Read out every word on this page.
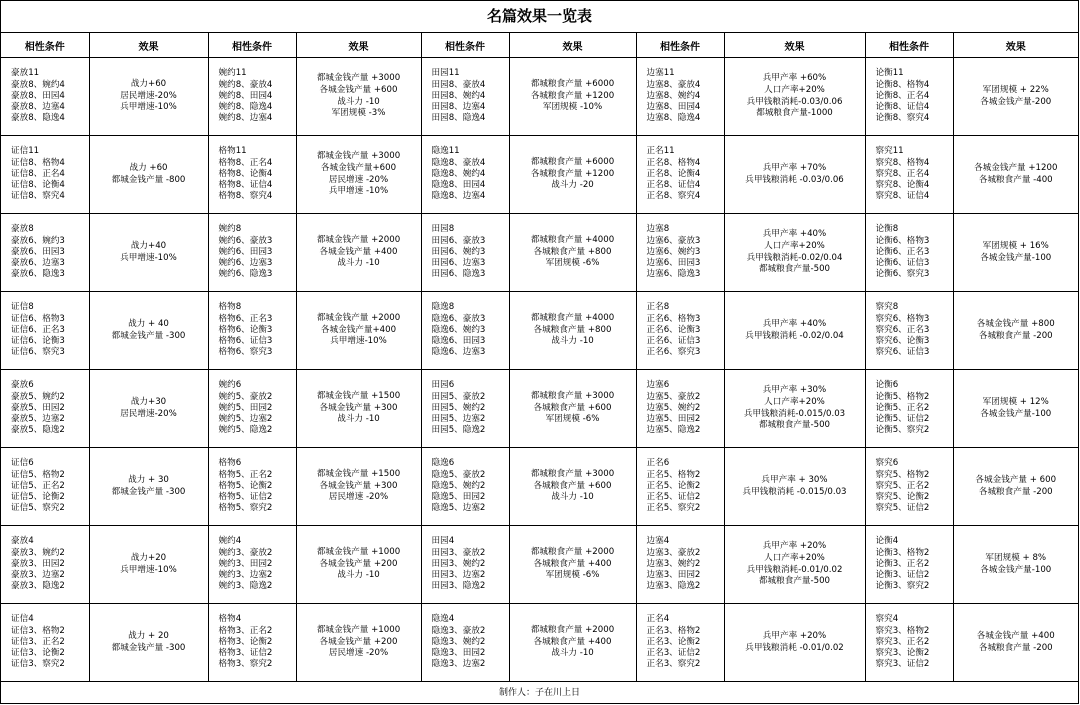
名篇效果一览表
相性条件	效果	相性条件	效果	相性条件	效果	相性条件	效果	相性条件	效果

豪放11
豪放8、婉约4
豪放8、田园4
豪放8、边塞4
豪放8、隐逸4	战力+60
居民增速-20%
兵甲增速-10%	婉约11
婉约8、豪放4
婉约8、田园4
婉约8、隐逸4
婉约8、边塞4	都城金钱产量 +3000
各城金钱产量 +600
战斗力 -10
军团规模 -3%	田园11
田园8、豪放4
田园8、婉约4
田园8、边塞4
田园8、隐逸4	都城粮食产量 +6000
各城粮食产量 +1200
军团规模 -10%	边塞11
边塞8、豪放4
边塞8、婉约4
边塞8、田园4
边塞8、隐逸4	兵甲产率 +60%
人口产率+20%
兵甲钱粮消耗-0.03/0.06
都城粮食产量-1000	论衡11
论衡8、格物4
论衡8、正名4
论衡8、证信4
论衡8、察究4	军团规模 + 22%
各城金钱产量-200

证信11
证信8、格物4
证信8、正名4
证信8、论衡4
证信8、察究4	战力 +60
都城金钱产量 -800	格物11
格物8、正名4
格物8、论衡4
格物8、证信4
格物8、察究4	都城金钱产量 +3000
各城金钱产量+600
居民增速 -20%
兵甲增速 -10%	隐逸11
隐逸8、豪放4
隐逸8、婉约4
隐逸8、田园4
隐逸8、边塞4	都城粮食产量 +6000
各城粮食产量 +1200
战斗力 -20	正名11
正名8、格物4
正名8、论衡4
正名8、证信4
正名8、察究4	兵甲产率 +70%
兵甲钱粮消耗 -0.03/0.06	察究11
察究8、格物4
察究8、正名4
察究8、论衡4
察究8、证信4	各城金钱产量 +1200
各城粮食产量 -400

豪放8
豪放6、婉约3
豪放6、田园3
豪放6、边塞3
豪放6、隐逸3	战力+40
兵甲增速-10%	婉约8
婉约6、豪放3
婉约6、田园3
婉约6、边塞3
婉约6、隐逸3	都城金钱产量 +2000
各城金钱产量 +400
战斗力 -10	田园8
田园6、豪放3
田园6、婉约3
田园6、边塞3
田园6、隐逸3	都城粮食产量 +4000
各城粮食产量 +800
军团规模 -6%	边塞8
边塞6、豪放3
边塞6、婉约3
边塞6、田园3
边塞6、隐逸3	兵甲产率 +40%
人口产率+20%
兵甲钱粮消耗-0.02/0.04
都城粮食产量-500	论衡8
论衡6、格物3
论衡6、正名3
论衡6、证信3
论衡6、察究3	军团规模 + 16%
各城金钱产量-100

证信8
证信6、格物3
证信6、正名3
证信6、论衡3
证信6、察究3	战力 + 40
都城金钱产量 -300	格物8
格物6、正名3
格物6、论衡3
格物6、证信3
格物6、察究3	都城金钱产量 +2000
各城金钱产量+400
兵甲增速-10%	隐逸8
隐逸6、豪放3
隐逸6、婉约3
隐逸6、田园3
隐逸6、边塞3	都城粮食产量 +4000
各城粮食产量 +800
战斗力 -10	正名8
正名6、格物3
正名6、论衡3
正名6、证信3
正名6、察究3	兵甲产率 +40%
兵甲钱粮消耗 -0.02/0.04	察究8
察究6、格物3
察究6、正名3
察究6、论衡3
察究6、证信3	各城金钱产量 +800
各城粮食产量 -200

豪放6
豪放5、婉约2
豪放5、田园2
豪放5、边塞2
豪放5、隐逸2	战力+30
居民增速-20%	婉约6
婉约5、豪放2
婉约5、田园2
婉约5、边塞2
婉约5、隐逸2	都城金钱产量 +1500
各城金钱产量 +300
战斗力 -10	田园6
田园5、豪放2
田园5、婉约2
田园5、边塞2
田园5、隐逸2	都城粮食产量 +3000
各城粮食产量 +600
军团规模 -6%	边塞6
边塞5、豪放2
边塞5、婉约2
边塞5、田园2
边塞5、隐逸2	兵甲产率 +30%
人口产率+20%
兵甲钱粮消耗-0.015/0.03
都城粮食产量-500	论衡6
论衡5、格物2
论衡5、正名2
论衡5、证信2
论衡5、察究2	军团规模 + 12%
各城金钱产量-100

证信6
证信5、格物2
证信5、正名2
证信5、论衡2
证信5、察究2	战力 + 30
都城金钱产量 -300	格物6
格物5、正名2
格物5、论衡2
格物5、证信2
格物5、察究2	都城金钱产量 +1500
各城金钱产量 +300
居民增速 -20%	隐逸6
隐逸5、豪放2
隐逸5、婉约2
隐逸5、田园2
隐逸5、边塞2	都城粮食产量 +3000
各城粮食产量 +600
战斗力 -10	正名6
正名5、格物2
正名5、论衡2
正名5、证信2
正名5、察究2	兵甲产率 + 30%
兵甲钱粮消耗 -0.015/0.03	察究6
察究5、格物2
察究5、正名2
察究5、论衡2
察究5、证信2	各城金钱产量 + 600
各城粮食产量 -200

豪放4
豪放3、婉约2
豪放3、田园2
豪放3、边塞2
豪放3、隐逸2	战力+20
兵甲增速-10%	婉约4
婉约3、豪放2
婉约3、田园2
婉约3、边塞2
婉约3、隐逸2	都城金钱产量 +1000
各城金钱产量 +200
战斗力 -10	田园4
田园3、豪放2
田园3、婉约2
田园3、边塞2
田园3、隐逸2	都城粮食产量 +2000
各城粮食产量 +400
军团规模 -6%	边塞4
边塞3、豪放2
边塞3、婉约2
边塞3、田园2
边塞3、隐逸2	兵甲产率 +20%
人口产率+20%
兵甲钱粮消耗-0.01/0.02
都城粮食产量-500	论衡4
论衡3、格物2
论衡3、正名2
论衡3、证信2
论衡3、察究2	军团规模 + 8%
各城金钱产量-100

证信4
证信3、格物2
证信3、正名2
证信3、论衡2
证信3、察究2	战力 + 20
都城金钱产量 -300	格物4
格物3、正名2
格物3、论衡2
格物3、证信2
格物3、察究2	都城金钱产量 +1000
各城金钱产量 +200
居民增速 -20%	隐逸4
隐逸3、豪放2
隐逸3、婉约2
隐逸3、田园2
隐逸3、边塞2	都城粮食产量 +2000
各城粮食产量 +400
战斗力 -10	正名4
正名3、格物2
正名3、论衡2
正名3、证信2
正名3、察究2	兵甲产率 +20%
兵甲钱粮消耗 -0.01/0.02	察究4
察究3、格物2
察究3、正名2
察究3、论衡2
察究3、证信2	各城金钱产量 +400
各城粮食产量 -200
制作人：子在川上日
